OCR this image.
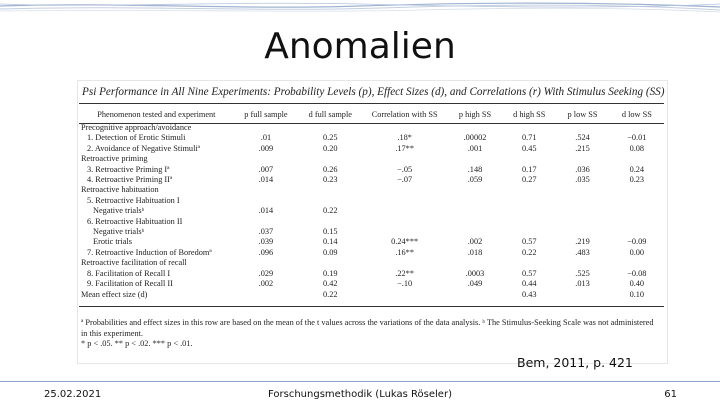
Anomalien
Psi Performance in All Nine Experiments: Probability Levels (p), Effect Sizes (d), and Correlations (r) With Stimulus Seeking (SS)
Phenomenon tested and experiment	p full sample	d full sample	Correlation with SS	p high SS	d high SS	p low SS	d low SS
Precognitive approach/avoidance							
1. Detection of Erotic Stimuli	.01	0.25	.18*	.00002	0.71	.524	−0.01
2. Avoidance of Negative Stimuliª	.009	0.20	.17**	.001	0.45	.215	0.08
Retroactive priming							
3. Retroactive Priming Iª	.007	0.26	−.05	.148	0.17	.036	0.24
4. Retroactive Priming IIª	.014	0.23	−.07	.059	0.27	.035	0.23
Retroactive habituation							
5. Retroactive Habituation I							
Negative trialsᵇ	.014	0.22					
6. Retroactive Habituation II							
Negative trialsᵇ	.037	0.15					
Erotic trials	.039	0.14	0.24***	.002	0.57	.219	−0.09
7. Retroactive Induction of Boredomª	.096	0.09	.16**	.018	0.22	.483	0.00
Retroactive facilitation of recall							
8. Facilitation of Recall I	.029	0.19	.22**	.0003	0.57	.525	−0.08
9. Facilitation of Recall II	.002	0.42	−.10	.049	0.44	.013	0.40
Mean effect size (d)		0.22			0.43		0.10
ª Probabilities and effect sizes in this row are based on the mean of the t values across the variations of the data analysis. ᵇ The Stimulus-Seeking Scale was not administered in this experiment.
* p < .05. ** p < .02. *** p < .01.
Bem, 2011, p. 421
25.02.2021	Forschungsmethodik (Lukas Röseler)	61
